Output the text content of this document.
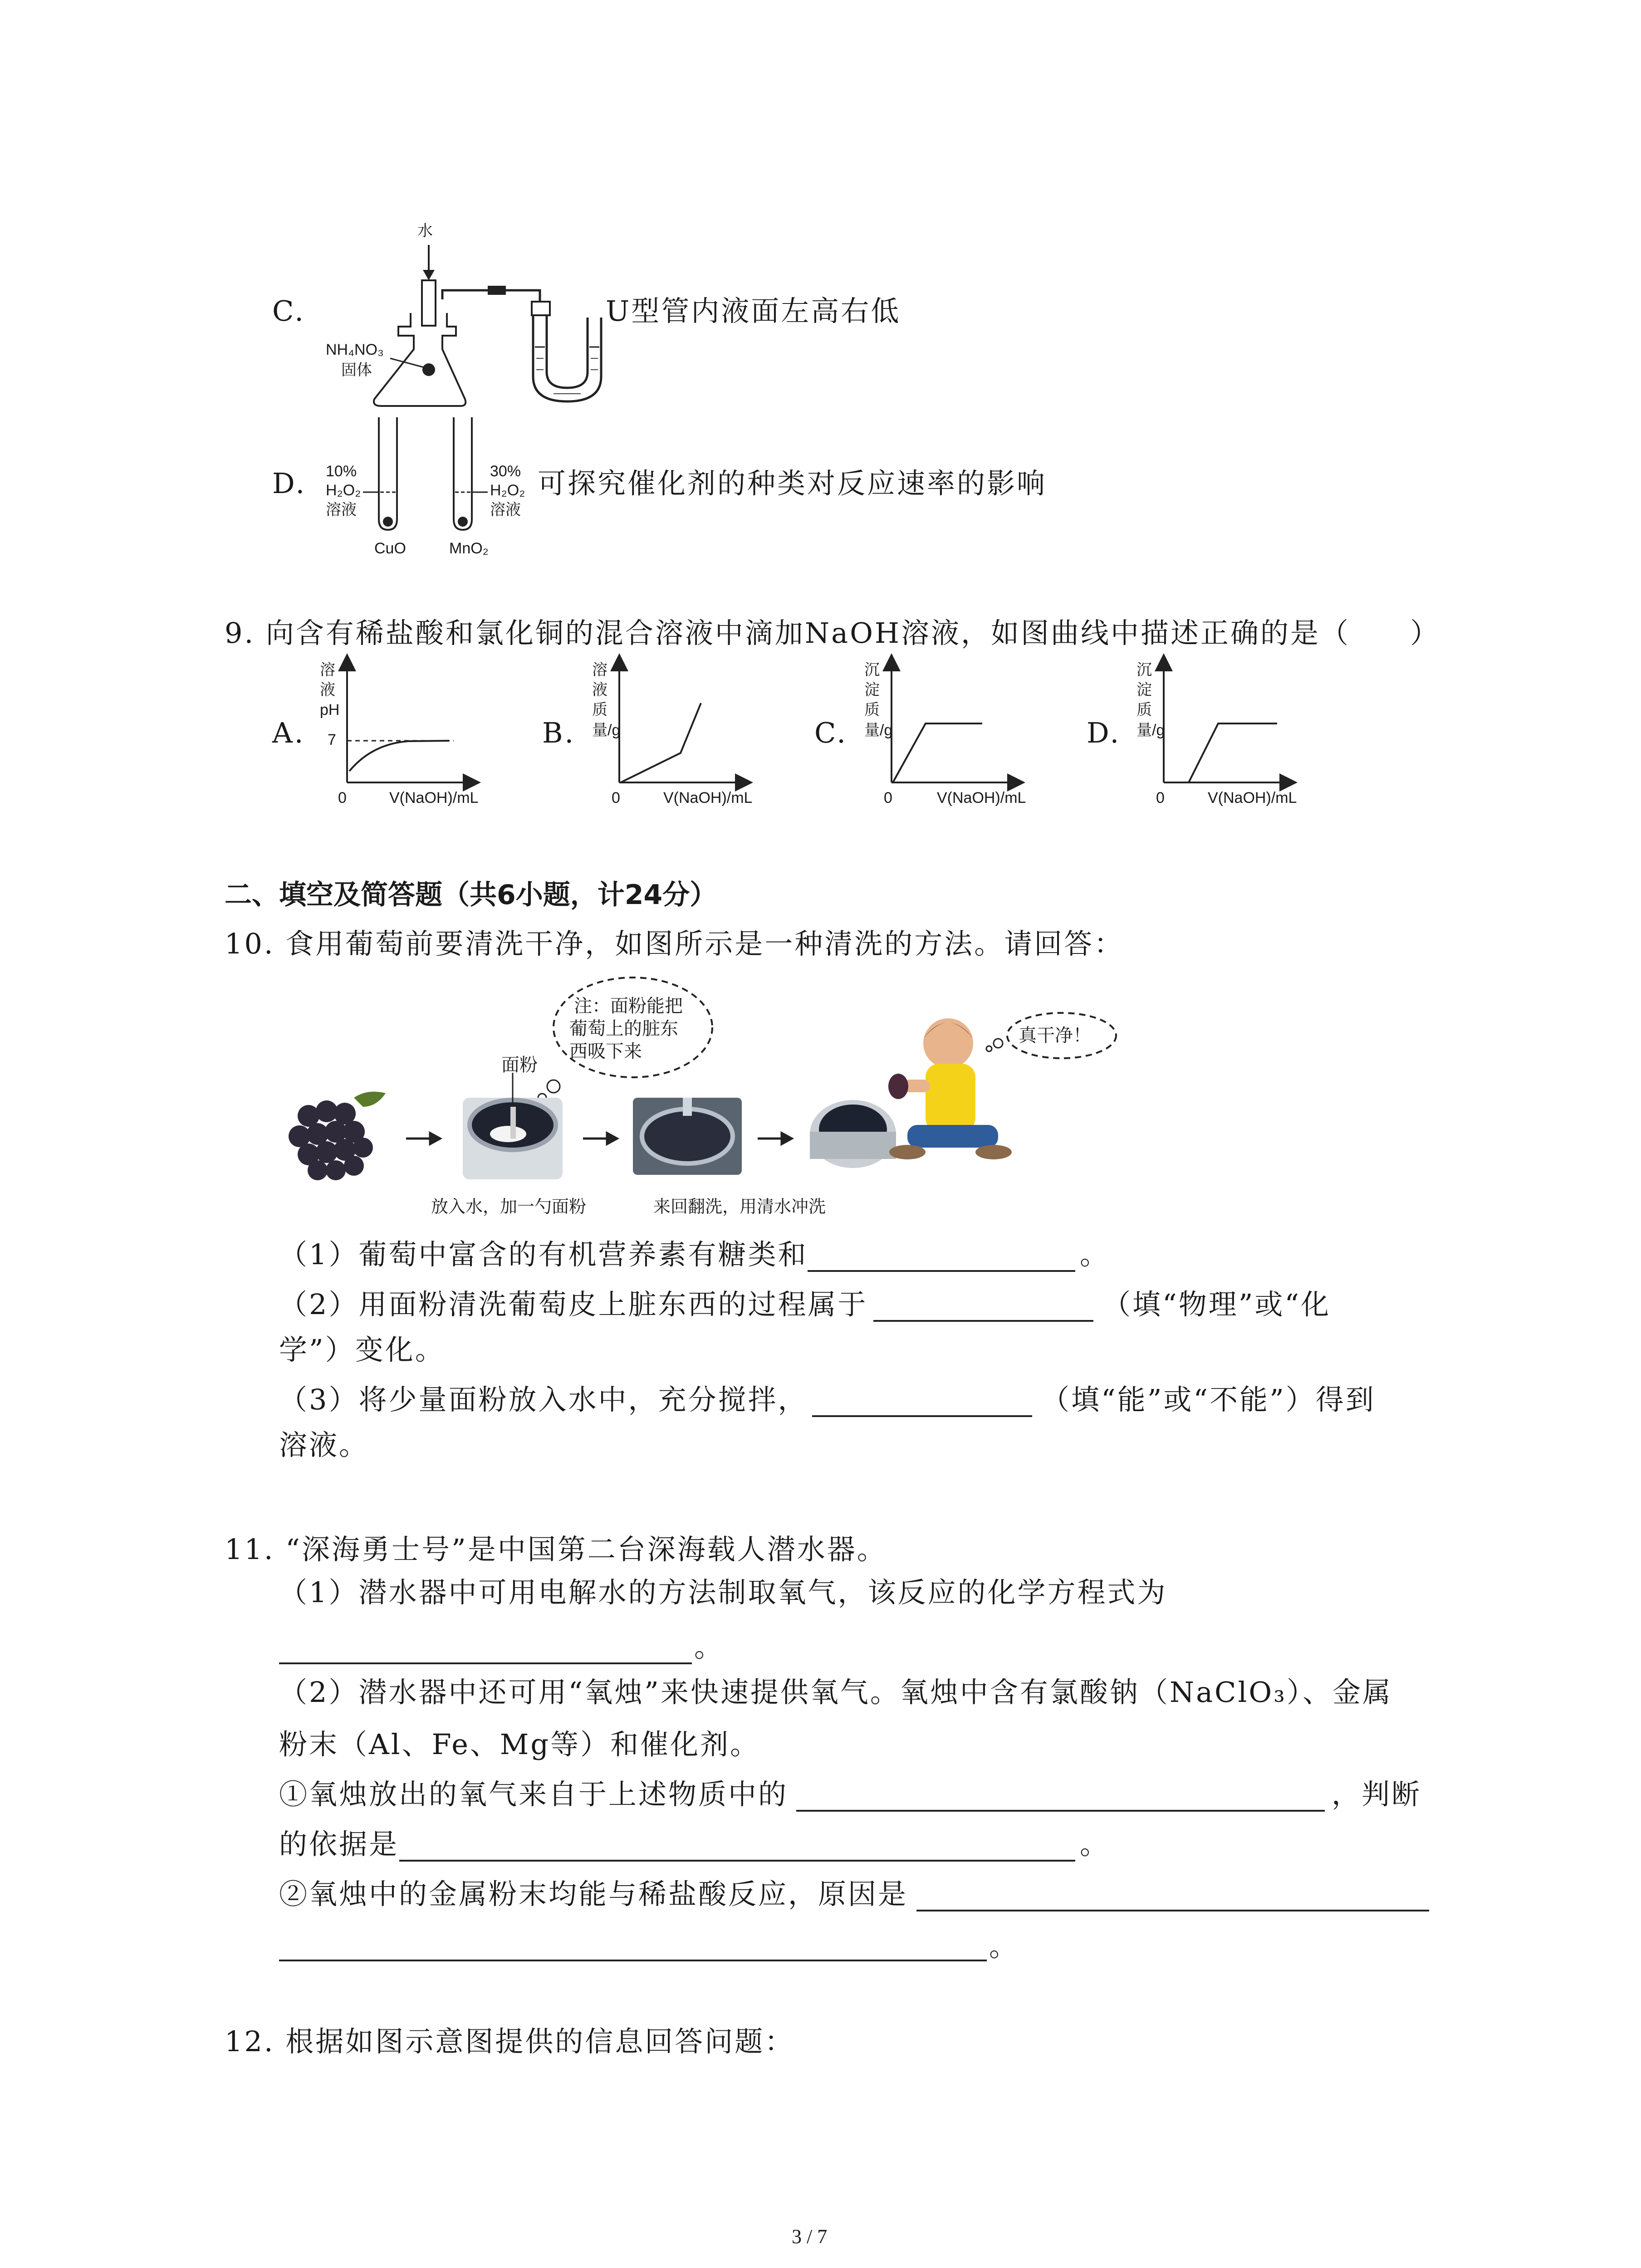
C.
水
NH₄NO₃
固体
U型管内液面左高右低
D. 10%
H₂O₂
溶液
30%
H₂O₂
溶液
CuO	MnO₂
可探究催化剂的种类对反应速率的影响
9. 向含有稀盐酸和氯化铜的混合溶液中滴加NaOH溶液，如图曲线中描述正确的是（　　）
A.
溶液pH
7
0	V(NaOH)/mL
B.
溶液质量/g
0	V(NaOH)/mL
C.
沉淀质量/g
0	V(NaOH)/mL
D.
沉淀质量/g
0	V(NaOH)/mL
二、填空及简答题（共6小题，计24分）
10. 食用葡萄前要清洗干净，如图所示是一种清洗的方法。请回答：
注：面粉能把
葡萄上的脏东
西吸下来
真干净！
面粉
放入水，加一勺面粉	来回翻洗，用清水冲洗
（1）葡萄中富含的有机营养素有糖类和	。
（2）用面粉清洗葡萄皮上脏东西的过程属于	（填“物理”或“化
学”）变化。
（3）将少量面粉放入水中，充分搅拌，	（填“能”或“不能”）得到
溶液。
11. “深海勇士号”是中国第二台深海载人潜水器。
（1）潜水器中可用电解水的方法制取氧气，该反应的化学方程式为
。
（2）潜水器中还可用“氧烛”来快速提供氧气。氧烛中含有氯酸钠（NaClO₃）、金属
粉末（Al、Fe、Mg等）和催化剂。
①氧烛放出的氧气来自于上述物质中的	，判断
的依据是	。
②氧烛中的金属粉末均能与稀盐酸反应，原因是
。
12. 根据如图示意图提供的信息回答问题：
3 / 7
